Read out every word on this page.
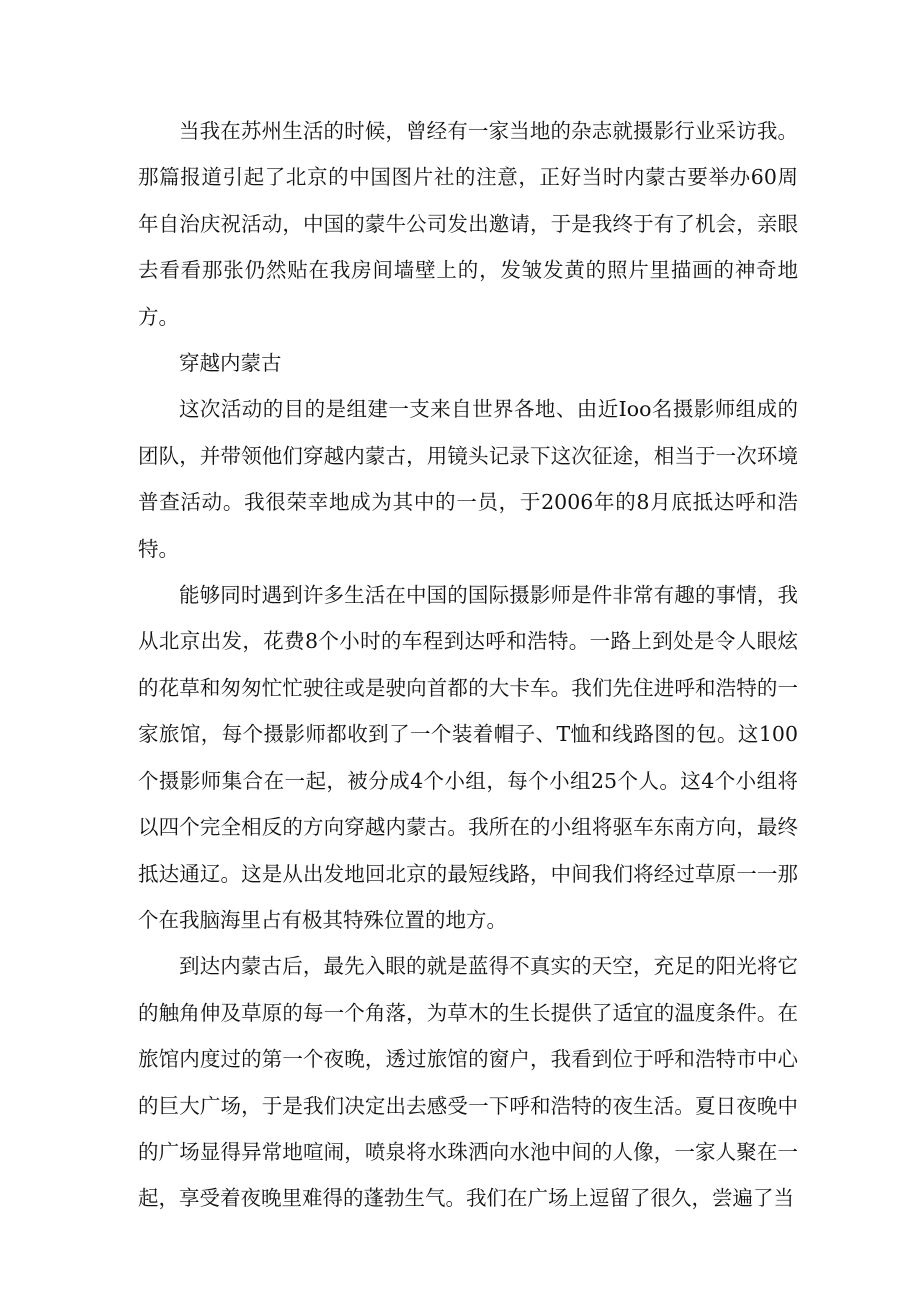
当我在苏州生活的时候，曾经有一家当地的杂志就摄影行业采访我。那篇报道引起了北京的中国图片社的注意，正好当时内蒙古要举办60周年自治庆祝活动，中国的蒙牛公司发出邀请，于是我终于有了机会，亲眼去看看那张仍然贴在我房间墙壁上的，发皱发黄的照片里描画的神奇地方。

穿越内蒙古

这次活动的目的是组建一支来自世界各地、由近Ioo名摄影师组成的团队，并带领他们穿越内蒙古，用镜头记录下这次征途，相当于一次环境普查活动。我很荣幸地成为其中的一员，于2006年的8月底抵达呼和浩特。

能够同时遇到许多生活在中国的国际摄影师是件非常有趣的事情，我从北京出发，花费8个小时的车程到达呼和浩特。一路上到处是令人眼炫的花草和匆匆忙忙驶往或是驶向首都的大卡车。我们先住进呼和浩特的一家旅馆，每个摄影师都收到了一个装着帽子、T恤和线路图的包。这100个摄影师集合在一起，被分成4个小组，每个小组25个人。这4个小组将以四个完全相反的方向穿越内蒙古。我所在的小组将驱车东南方向，最终抵达通辽。这是从出发地回北京的最短线路，中间我们将经过草原一一那个在我脑海里占有极其特殊位置的地方。

到达内蒙古后，最先入眼的就是蓝得不真实的天空，充足的阳光将它的触角伸及草原的每一个角落，为草木的生长提供了适宜的温度条件。在旅馆内度过的第一个夜晚，透过旅馆的窗户，我看到位于呼和浩特市中心的巨大广场，于是我们决定出去感受一下呼和浩特的夜生活。夏日夜晚中的广场显得异常地喧闹，喷泉将水珠洒向水池中间的人像，一家人聚在一起，享受着夜晚里难得的蓬勃生气。我们在广场上逗留了很久，尝遍了当
